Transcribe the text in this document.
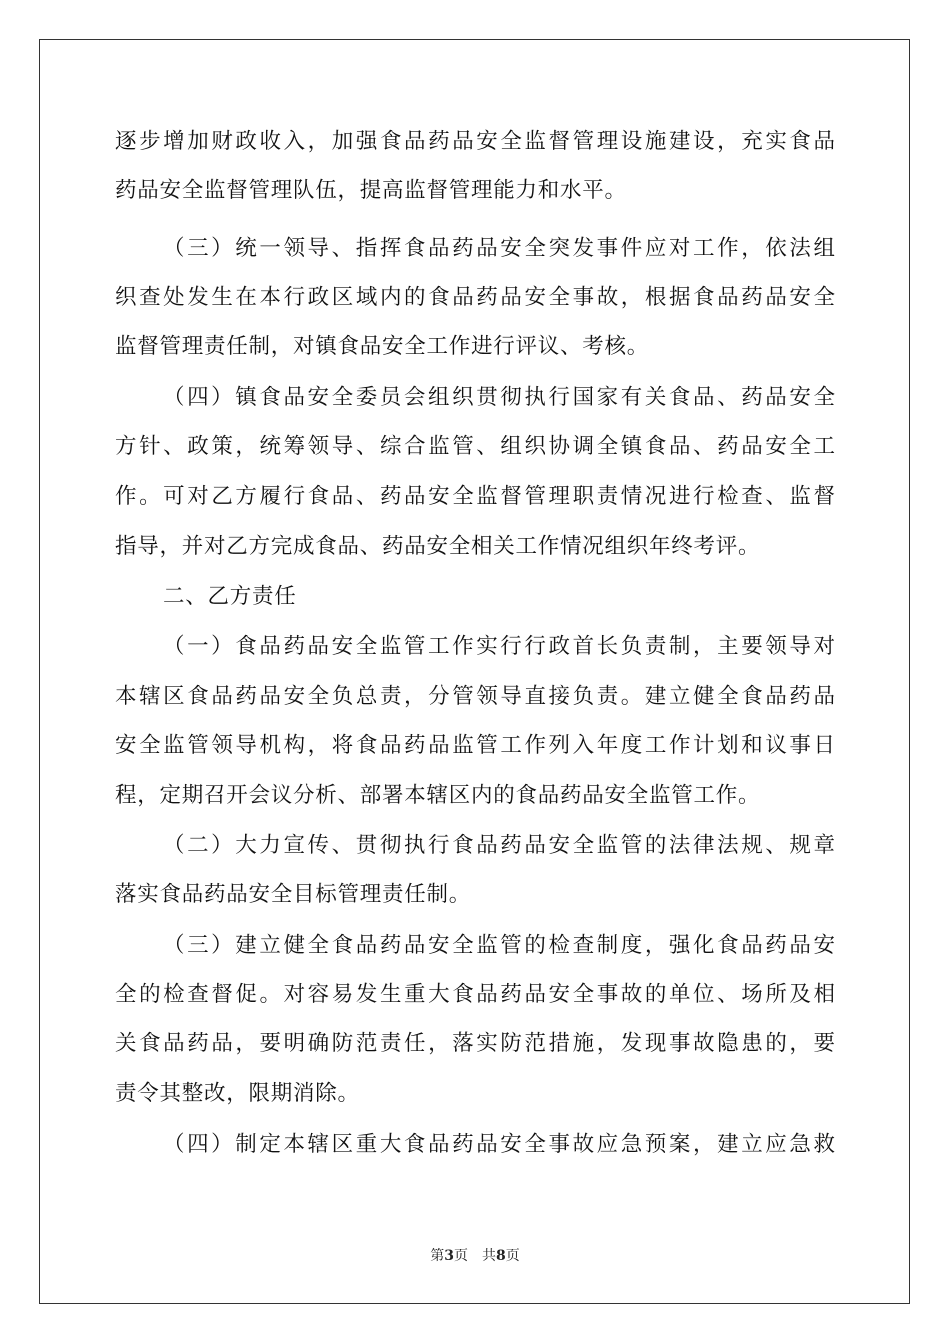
逐步增加财政收入，加强食品药品安全监督管理设施建设，充实食品
药品安全监督管理队伍，提高监督管理能力和水平。
（三）统一领导、指挥食品药品安全突发事件应对工作，依法组
织查处发生在本行政区域内的食品药品安全事故，根据食品药品安全
监督管理责任制，对镇食品安全工作进行评议、考核。
（四）镇食品安全委员会组织贯彻执行国家有关食品、药品安全
方针、政策，统筹领导、综合监管、组织协调全镇食品、药品安全工
作。可对乙方履行食品、药品安全监督管理职责情况进行检查、监督
指导，并对乙方完成食品、药品安全相关工作情况组织年终考评。
二、乙方责任
（一）食品药品安全监管工作实行行政首长负责制，主要领导对
本辖区食品药品安全负总责，分管领导直接负责。建立健全食品药品
安全监管领导机构，将食品药品监管工作列入年度工作计划和议事日
程，定期召开会议分析、部署本辖区内的食品药品安全监管工作。
（二）大力宣传、贯彻执行食品药品安全监管的法律法规、规章
落实食品药品安全目标管理责任制。
（三）建立健全食品药品安全监管的检查制度，强化食品药品安
全的检查督促。对容易发生重大食品药品安全事故的单位、场所及相
关食品药品，要明确防范责任，落实防范措施，发现事故隐患的，要
责令其整改，限期消除。
（四）制定本辖区重大食品药品安全事故应急预案，建立应急救
第3页 共8页
